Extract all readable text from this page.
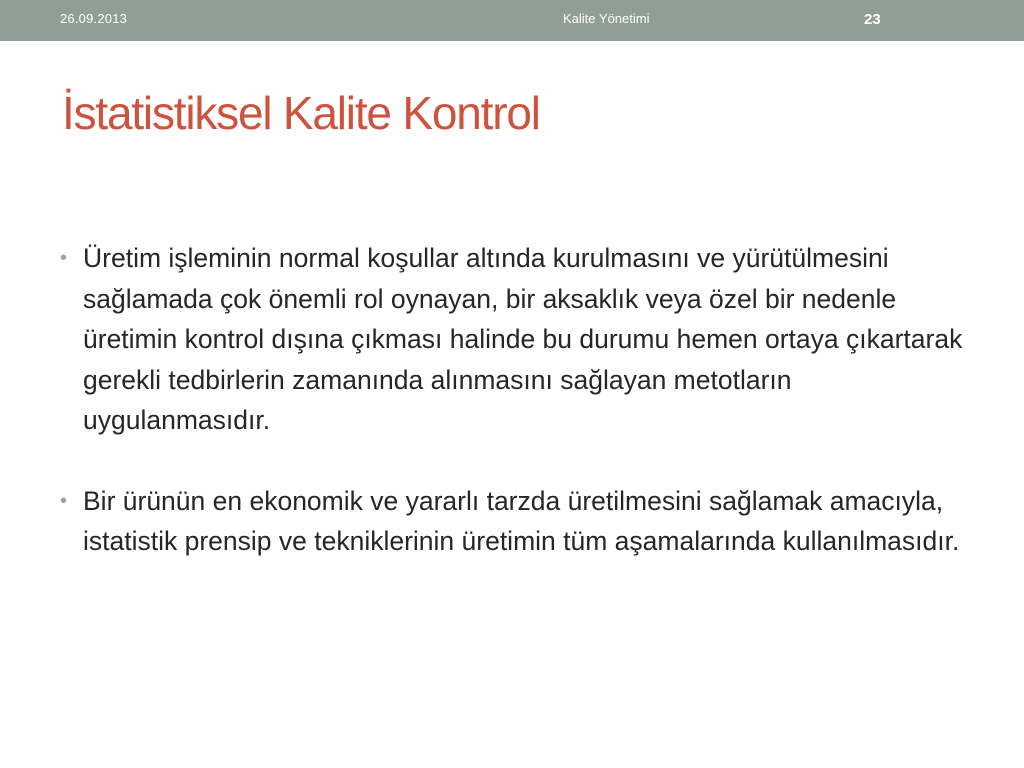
26.09.2013	Kalite Yönetimi	23
İstatistiksel Kalite Kontrol
• Üretim işleminin normal koşullar altında kurulmasını ve yürütülmesini sağlamada çok önemli rol oynayan, bir aksaklık veya özel bir nedenle üretimin kontrol dışına çıkması halinde bu durumu hemen ortaya çıkartarak gerekli tedbirlerin zamanında alınmasını sağlayan metotların uygulanmasıdır.
• Bir ürünün en ekonomik ve yararlı tarzda üretilmesini sağlamak amacıyla, istatistik prensip ve tekniklerinin üretimin tüm aşamalarında kullanılmasıdır.
